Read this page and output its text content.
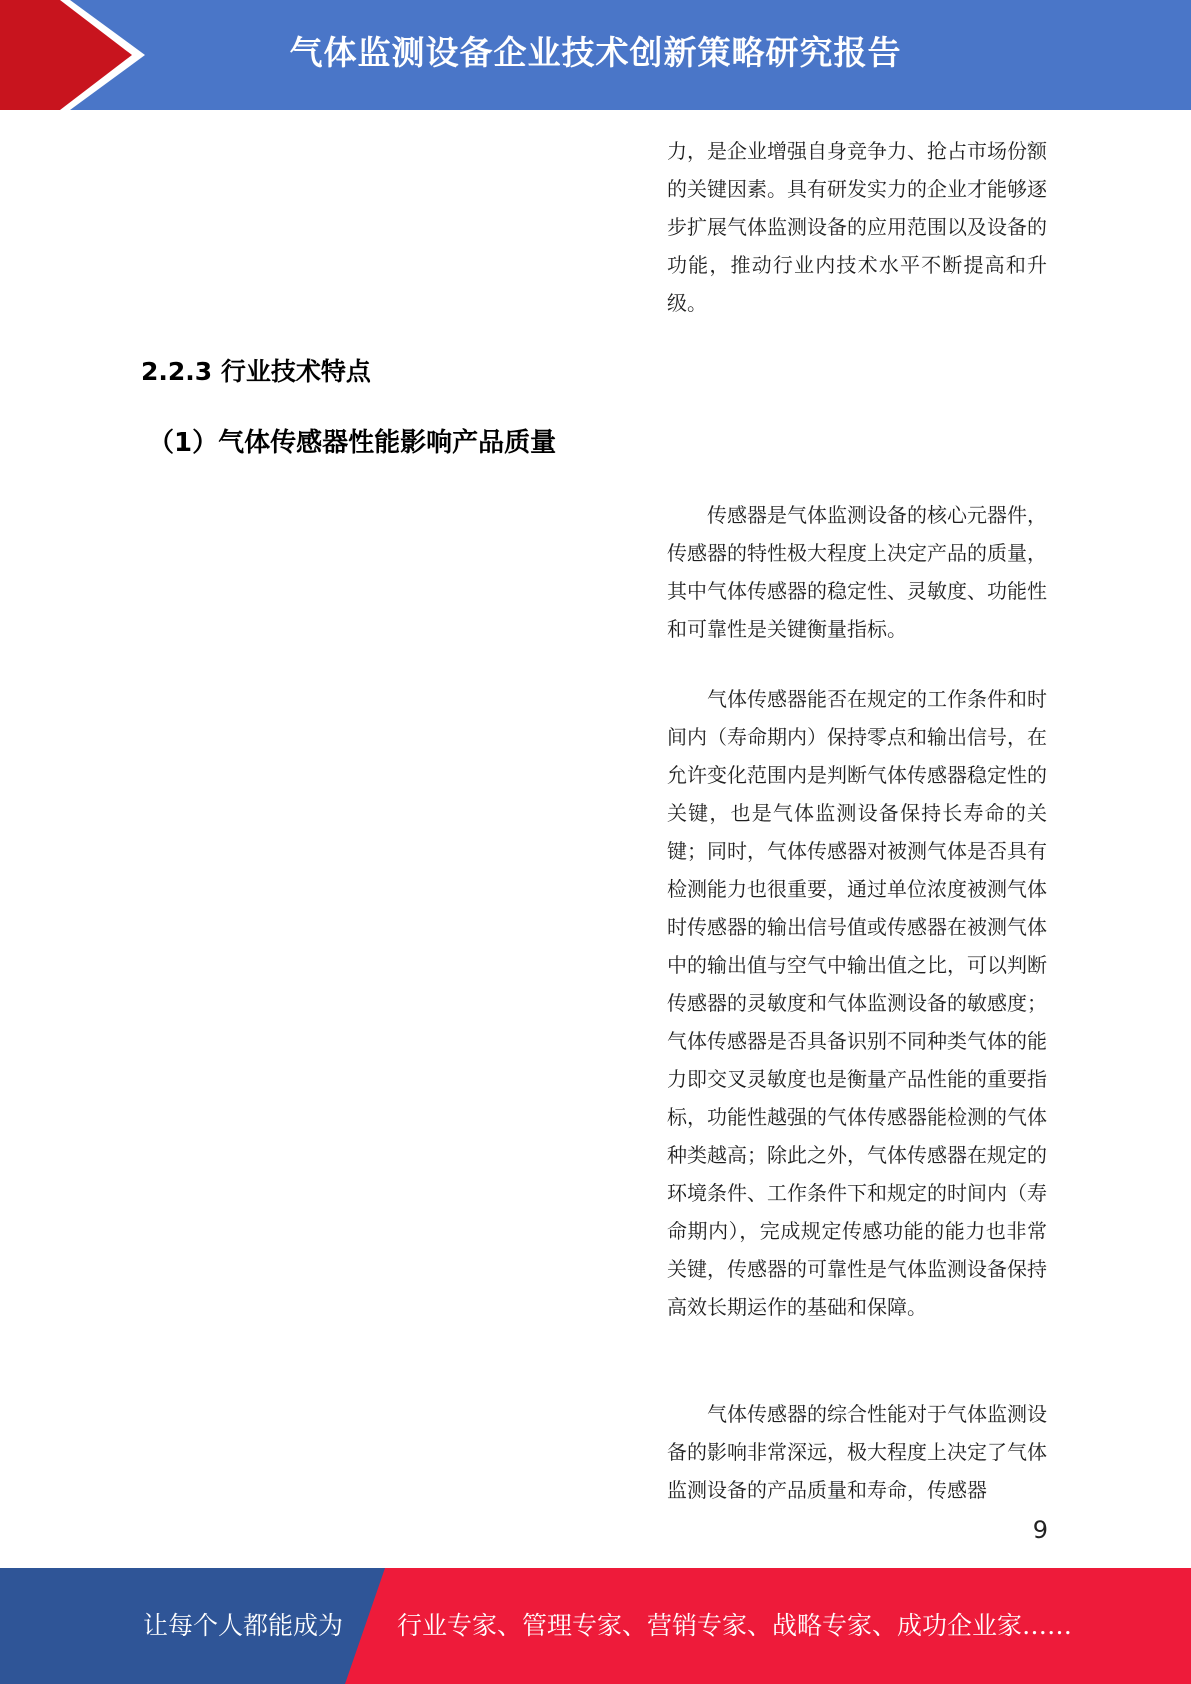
气体监测设备企业技术创新策略研究报告

力，是企业增强自身竞争力、抢占市场份额的关键因素。具有研发实力的企业才能够逐步扩展气体监测设备的应用范围以及设备的功能，推动行业内技术水平不断提高和升级。

2.2.3 行业技术特点
（1）气体传感器性能影响产品质量

传感器是气体监测设备的核心元器件，传感器的特性极大程度上决定产品的质量，其中气体传感器的稳定性、灵敏度、功能性和可靠性是关键衡量指标。

气体传感器能否在规定的工作条件和时间内（寿命期内）保持零点和输出信号，在允许变化范围内是判断气体传感器稳定性的关键，也是气体监测设备保持长寿命的关键；同时，气体传感器对被测气体是否具有检测能力也很重要，通过单位浓度被测气体时传感器的输出信号值或传感器在被测气体中的输出值与空气中输出值之比，可以判断传感器的灵敏度和气体监测设备的敏感度；气体传感器是否具备识别不同种类气体的能力即交叉灵敏度也是衡量产品性能的重要指标，功能性越强的气体传感器能检测的气体种类越高；除此之外，气体传感器在规定的环境条件、工作条件下和规定的时间内（寿命期内），完成规定传感功能的能力也非常关键，传感器的可靠性是气体监测设备保持高效长期运作的基础和保障。

气体传感器的综合性能对于气体监测设备的影响非常深远，极大程度上决定了气体监测设备的产品质量和寿命，传感器

9
让每个人都能成为 行业专家、管理专家、营销专家、战略专家、成功企业家……
